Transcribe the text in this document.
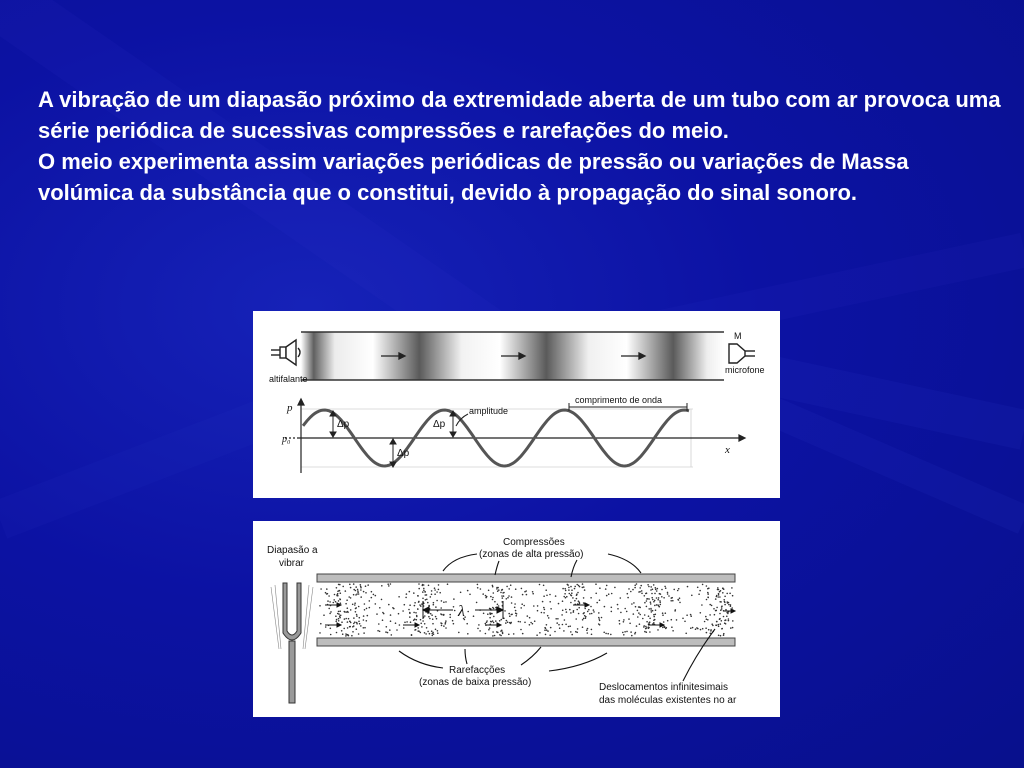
A vibração de um diapasão próximo da extremidade aberta de um tubo com ar provoca uma série periódica de sucessivas compressões e rarefações do meio.

O meio experimenta assim variações periódicas de pressão ou variações de Massa volúmica da substância que o constitui, devido à propagação do sinal sonoro.

altifalante
M
microfone
p
x
p₀
Δp
Δp
Δp
amplitude
comprimento de onda
Diapasão a
vibrar
Compressões
(zonas de alta pressão)
λ
Rarefacções
(zonas de baixa pressão)	Deslocamentos infinitesimais
das moléculas existentes no ar
